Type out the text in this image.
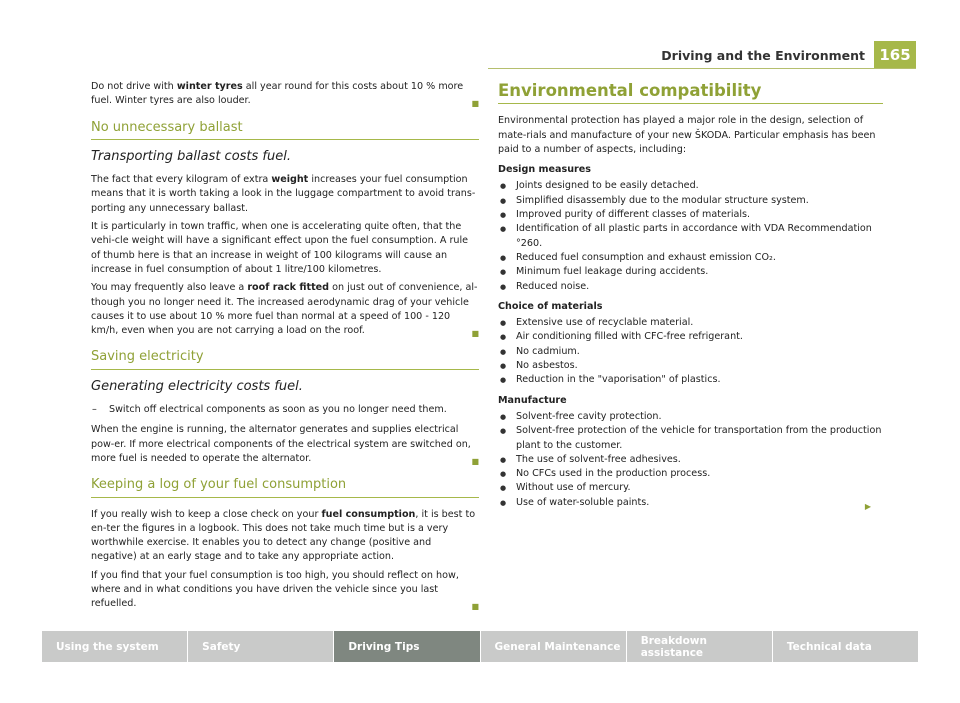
Driving and the Environment 165

Do not drive with winter tyres all year round for this costs about 10 % more fuel. Winter tyres are also louder.	■

No unnecessary ballast
Transporting ballast costs fuel.

The fact that every kilogram of extra weight increases your fuel consumption means that it is worth taking a look in the luggage compartment to avoid trans-porting any unnecessary ballast.

It is particularly in town traffic, when one is accelerating quite often, that the vehi-cle weight will have a significant effect upon the fuel consumption. A rule of thumb here is that an increase in weight of 100 kilograms will cause an increase in fuel consumption of about 1 litre/100 kilometres.

You may frequently also leave a roof rack fitted on just out of convenience, al-though you no longer need it. The increased aerodynamic drag of your vehicle causes it to use about 10 % more fuel than normal at a speed of 100 - 120 km/h, even when you are not carrying a load on the roof.	■

Saving electricity
Generating electricity costs fuel.
– Switch off electrical components as soon as you no longer need them.

When the engine is running, the alternator generates and supplies electrical pow-er. If more electrical components of the electrical system are switched on, more fuel is needed to operate the alternator.	■

Keeping a log of your fuel consumption

If you really wish to keep a close check on your fuel consumption, it is best to en-ter the figures in a logbook. This does not take much time but is a very worthwhile exercise. It enables you to detect any change (positive and negative) at an early stage and to take any appropriate action.

If you find that your fuel consumption is too high, you should reflect on how, where and in what conditions you have driven the vehicle since you last refuelled.	■

Environmental compatibility

Environmental protection has played a major role in the design, selection of mate-rials and manufacture of your new ŠKODA. Particular emphasis has been paid to a number of aspects, including:

Design measures
● Joints designed to be easily detached.
● Simplified disassembly due to the modular structure system.
● Improved purity of different classes of materials.
● Identification of all plastic parts in accordance with VDA Recommendation °260.
● Reduced fuel consumption and exhaust emission CO₂.
● Minimum fuel leakage during accidents.
● Reduced noise.
Choice of materials
● Extensive use of recyclable material.
● Air conditioning filled with CFC-free refrigerant.
● No cadmium.
● No asbestos.
● Reduction in the "vaporisation" of plastics.
Manufacture
● Solvent-free cavity protection.
● Solvent-free protection of the vehicle for transportation from the production plant to the customer.
● The use of solvent-free adhesives.
● No CFCs used in the production process.
● Without use of mercury.
● Use of water-soluble paints.	▶
Using the system	Safety	Driving Tips	General Maintenance	Breakdown assistance	Technical data
